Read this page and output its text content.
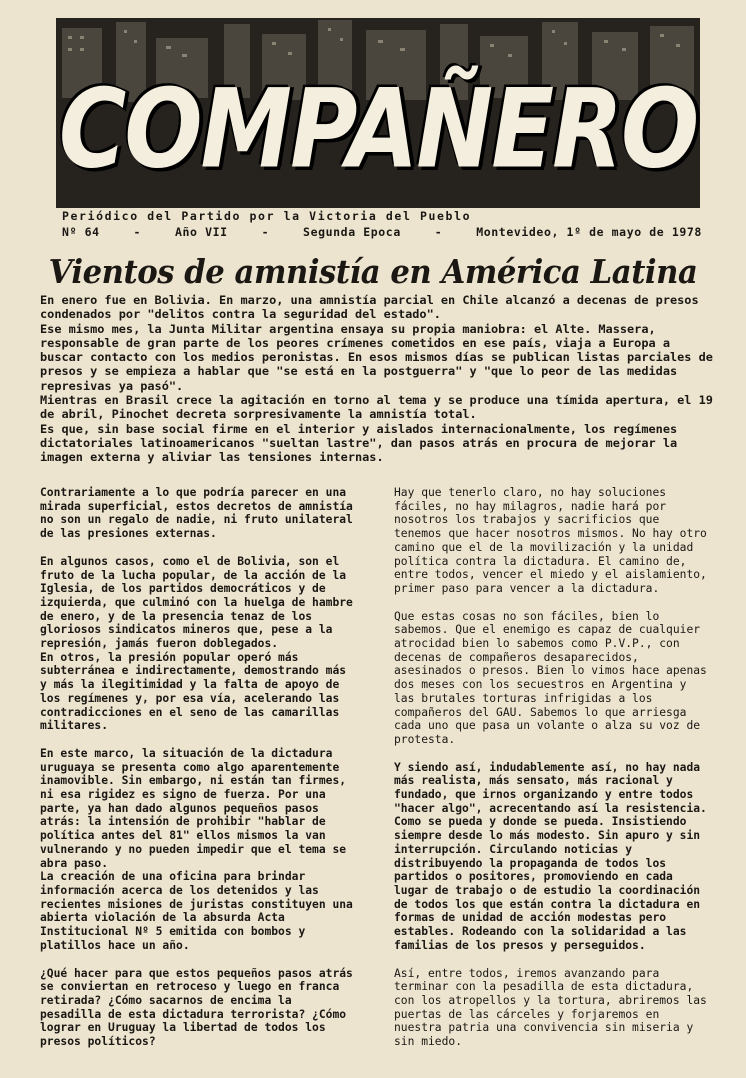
COMPAÑERO
Periódico del Partido por la Victoria del Pueblo
Nº 64	-	Año VII	-	Segunda Epoca	-	Montevideo, 1º de mayo de 1978
Vientos de amnistía en América Latina

En enero fue en Bolivia. En marzo, una amnistía parcial en Chile alcanzó a decenas de presos condenados por "delitos contra la seguridad del estado".

Ese mismo mes, la Junta Militar argentina ensaya su propia maniobra: el Alte. Massera, responsable de gran parte de los peores crímenes cometidos en ese país, viaja a Europa a buscar contacto con los medios peronistas. En esos mismos días se publican listas parciales de presos y se empieza a hablar que "se está en la postguerra" y "que lo peor de las medidas represivas ya pasó".

Mientras en Brasil crece la agitación en torno al tema y se produce una tímida apertura, el 19 de abril, Pinochet decreta sorpresivamente la amnistía total.

Es que, sin base social firme en el interior y aislados internacionalmente, los regímenes dictatoriales latinoamericanos "sueltan lastre", dan pasos atrás en procura de mejorar la imagen externa y aliviar las tensiones internas.

Contrariamente a lo que podría parecer en una mirada superficial, estos decretos de amnistía no son un regalo de nadie, ni fruto unilateral de las presiones externas.

En algunos casos, como el de Bolivia, son el fruto de la lucha popular, de la acción de la Iglesia, de los partidos democráticos y de izquierda, que culminó con la huelga de hambre de enero, y de la presencia tenaz de los gloriosos sindicatos mineros que, pese a la represión, jamás fueron doblegados.

En otros, la presión popular operó más subterránea e indirectamente, demostrando más y más la ilegitimidad y la falta de apoyo de los regímenes y, por esa vía, acelerando las contradicciones en el seno de las camarillas militares.

En este marco, la situación de la dictadura uruguaya se presenta como algo aparentemente inamovible. Sin embargo, ni están tan firmes, ni esa rigidez es signo de fuerza. Por una parte, ya han dado algunos pequeños pasos atrás: la intensión de prohibir "hablar de política antes del 81" ellos mismos la van vulnerando y no pueden impedir que el tema se abra paso.

La creación de una oficina para brindar información acerca de los detenidos y las recientes misiones de juristas constituyen una abierta violación de la absurda Acta Institucional Nº 5 emitida con bombos y platillos hace un año.

¿Qué hacer para que estos pequeños pasos atrás se conviertan en retroceso y luego en franca retirada? ¿Cómo sacarnos de encima la pesadilla de esta dictadura terrorista? ¿Cómo lograr en Uruguay la libertad de todos los presos políticos?

Hay que tenerlo claro, no hay soluciones fáciles, no hay milagros, nadie hará por nosotros los trabajos y sacrificios que tenemos que hacer nosotros mismos. No hay otro camino que el de la movilización y la unidad política contra la dictadura. El camino de, entre todos, vencer el miedo y el aislamiento, primer paso para vencer a la dictadura.

Que estas cosas no son fáciles, bien lo sabemos. Que el enemigo es capaz de cualquier atrocidad bien lo sabemos como P.V.P., con decenas de compañeros desaparecidos, asesinados o presos. Bien lo vimos hace apenas dos meses con los secuestros en Argentina y las brutales torturas infrigidas a los compañeros del GAU. Sabemos lo que arriesga cada uno que pasa un volante o alza su voz de protesta.

Y siendo así, indudablemente así, no hay nada más realista, más sensato, más racional y fundado, que irnos organizando y entre todos "hacer algo", acrecentando así la resistencia. Como se pueda y donde se pueda. Insistiendo siempre desde lo más modesto. Sin apuro y sin interrupción. Circulando noticias y distribuyendo la propaganda de todos los partidos o positores, promoviendo en cada lugar de trabajo o de estudio la coordinación de todos los que están contra la dictadura en formas de unidad de acción modestas pero estables. Rodeando con la solidaridad a las familias de los presos y perseguidos.

Así, entre todos, iremos avanzando para terminar con la pesadilla de esta dictadura, con los atropellos y la tortura, abriremos las puertas de las cárceles y forjaremos en nuestra patria una convivencia sin miseria y sin miedo.
